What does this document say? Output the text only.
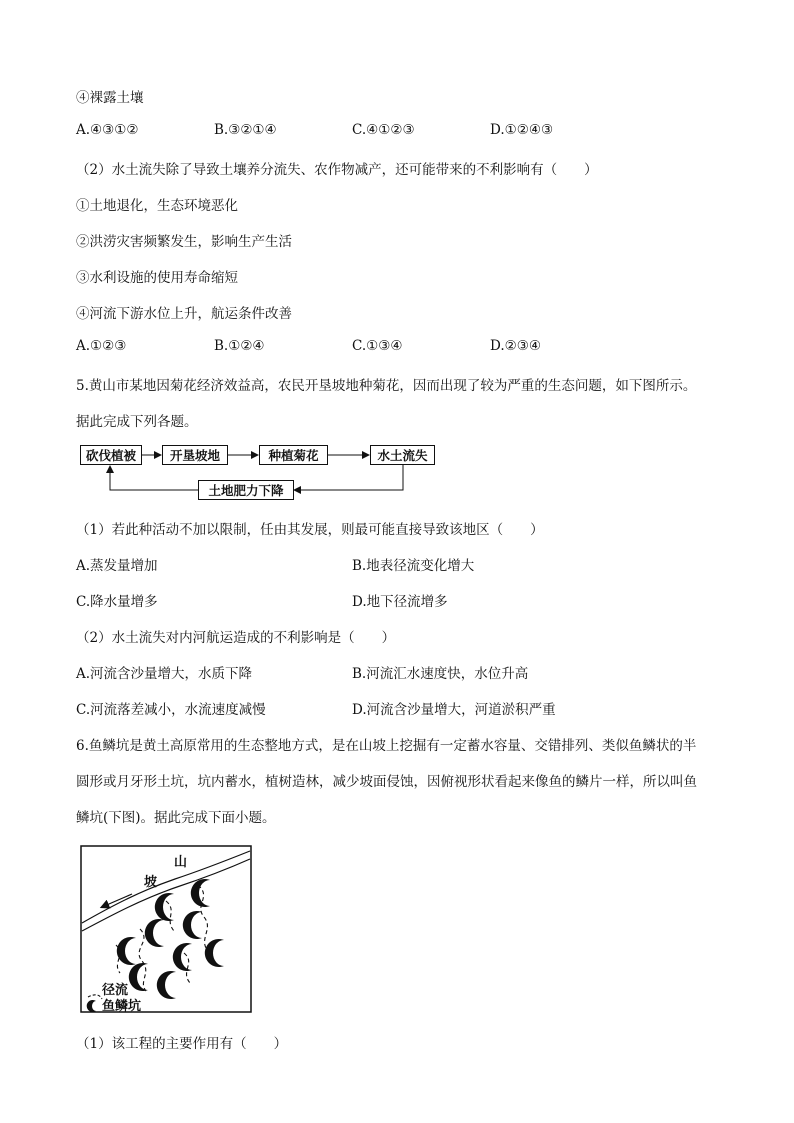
④裸露土壤
A.④③①②	B.③②①④	C.④①②③	D.①②④③
（2）水土流失除了导致土壤养分流失、农作物减产，还可能带来的不利影响有（　　）
①土地退化，生态环境恶化
②洪涝灾害频繁发生，影响生产生活
③水利设施的使用寿命缩短
④河流下游水位上升，航运条件改善
A.①②③	B.①②④	C.①③④	D.②③④
5.黄山市某地因菊花经济效益高，农民开垦坡地种菊花，因而出现了较为严重的生态问题，如下图所示。
据此完成下列各题。
砍伐植被	开垦坡地	种植菊花	水土流失
土地肥力下降
（1）若此种活动不加以限制，任由其发展，则最可能直接导致该地区（　　）
A.蒸发量增加	B.地表径流变化增大
C.降水量增多	D.地下径流增多
（2）水土流失对内河航运造成的不利影响是（　　）
A.河流含沙量增大，水质下降	B.河流汇水速度快，水位升高
C.河流落差减小，水流速度减慢	D.河流含沙量增大，河道淤积严重
6.鱼鳞坑是黄土高原常用的生态整地方式，是在山坡上挖掘有一定蓄水容量、交错排列、类似鱼鳞状的半
圆形或月牙形土坑，坑内蓄水，植树造林，减少坡面侵蚀，因俯视形状看起来像鱼的鳞片一样，所以叫鱼
鳞坑(下图)。据此完成下面小题。
山
坡
径流
鱼鳞坑
（1）该工程的主要作用有（　　）
